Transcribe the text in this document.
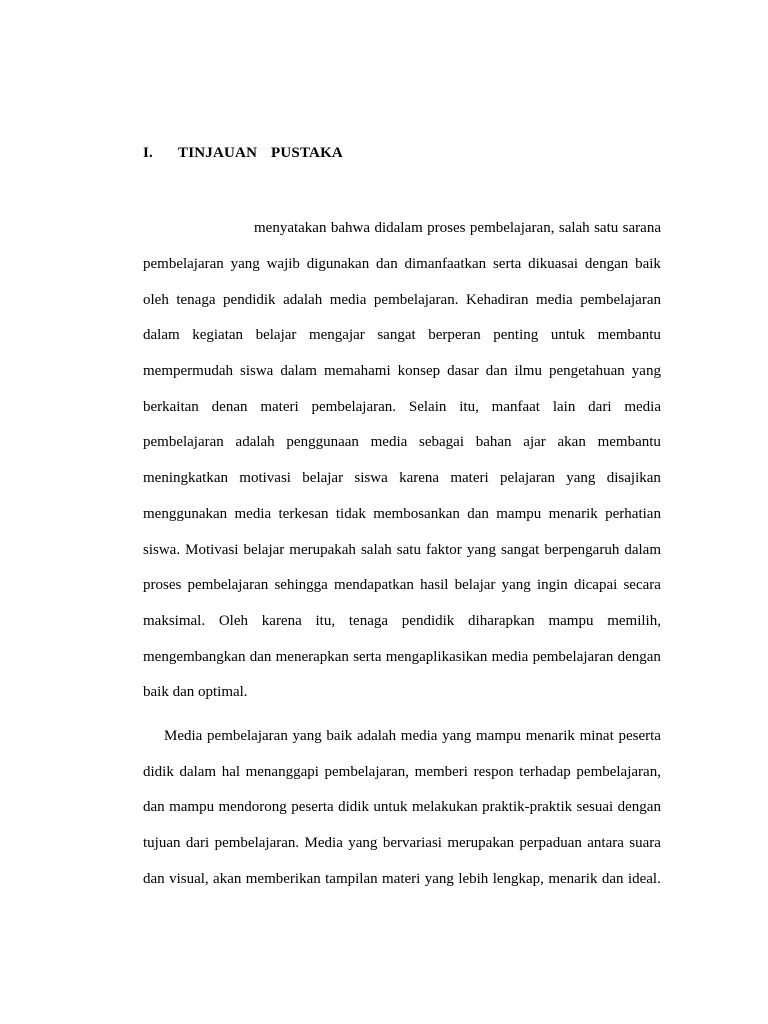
I. TINJAUAN  PUSTAKA
menyatakan bahwa didalam proses pembelajaran, salah satu sarana
pembelajaran yang wajib digunakan dan dimanfaatkan serta dikuasai dengan baik
oleh tenaga pendidik adalah media pembelajaran. Kehadiran media pembelajaran
dalam kegiatan belajar mengajar sangat berperan penting untuk membantu
mempermudah siswa dalam memahami konsep dasar dan ilmu pengetahuan yang
berkaitan denan materi pembelajaran. Selain itu, manfaat lain dari media
pembelajaran adalah penggunaan media sebagai bahan ajar akan membantu
meningkatkan motivasi belajar siswa karena materi pelajaran yang disajikan
menggunakan media terkesan tidak membosankan dan mampu menarik perhatian
siswa. Motivasi belajar merupakah salah satu faktor yang sangat berpengaruh dalam
proses pembelajaran sehingga mendapatkan hasil belajar yang ingin dicapai secara
maksimal. Oleh karena itu, tenaga pendidik diharapkan mampu memilih,
mengembangkan dan menerapkan serta mengaplikasikan media pembelajaran dengan
baik dan optimal.
Media pembelajaran yang baik adalah media yang mampu menarik minat peserta
didik dalam hal menanggapi pembelajaran, memberi respon terhadap pembelajaran,
dan mampu mendorong peserta didik untuk melakukan praktik-praktik sesuai dengan
tujuan dari pembelajaran. Media yang bervariasi merupakan perpaduan antara suara
dan visual, akan memberikan tampilan materi yang lebih lengkap, menarik dan ideal.
